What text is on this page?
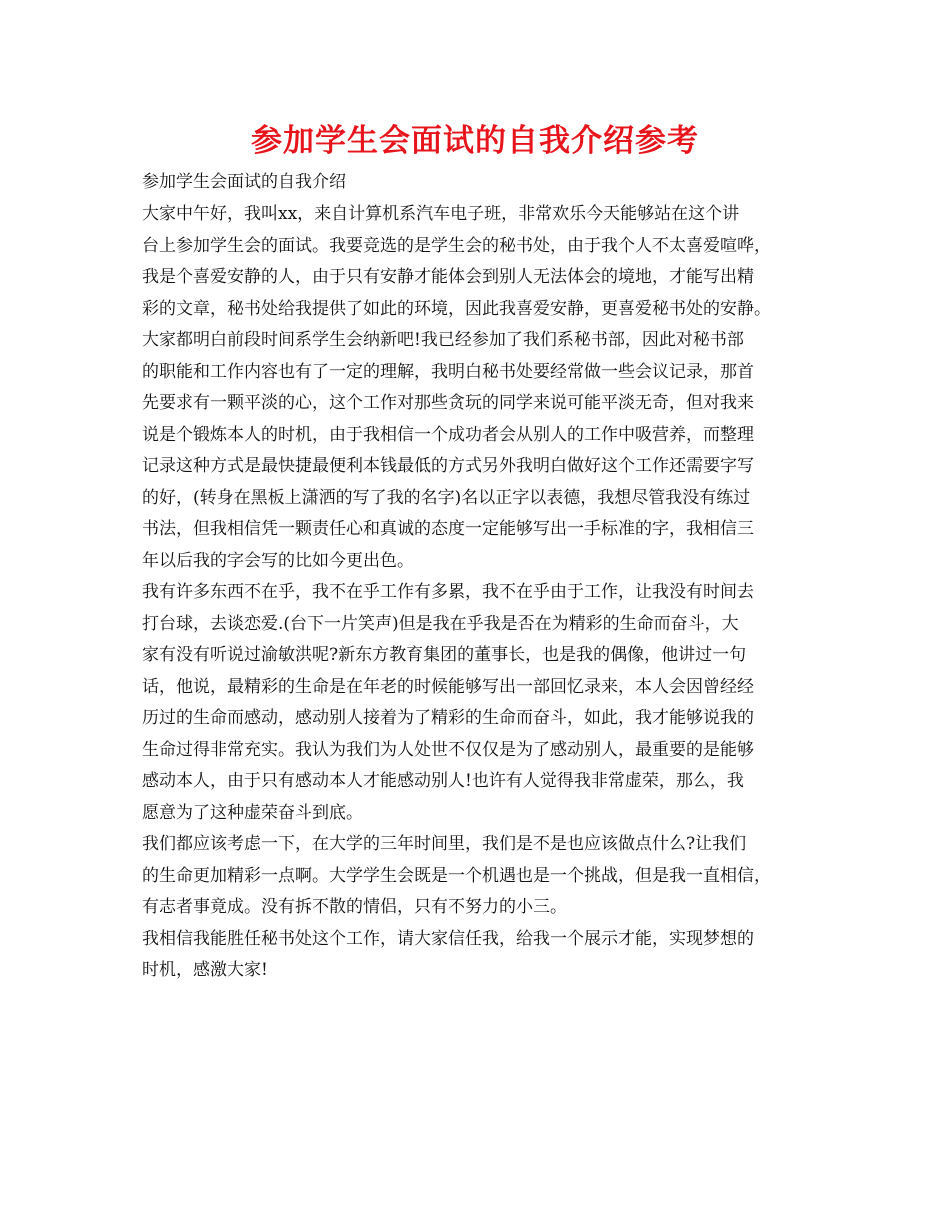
参加学生会面试的自我介绍参考

参加学生会面试的自我介绍

大家中午好，我叫xx，来自计算机系汽车电子班，非常欢乐今天能够站在这个讲
台上参加学生会的面试。我要竞选的是学生会的秘书处，由于我个人不太喜爱喧哗，
我是个喜爱安静的人，由于只有安静才能体会到别人无法体会的境地，才能写出精
彩的文章，秘书处给我提供了如此的环境，因此我喜爱安静，更喜爱秘书处的安静。

大家都明白前段时间系学生会纳新吧!我已经参加了我们系秘书部，因此对秘书部
的职能和工作内容也有了一定的理解，我明白秘书处要经常做一些会议记录，那首
先要求有一颗平淡的心，这个工作对那些贪玩的同学来说可能平淡无奇，但对我来
说是个锻炼本人的时机，由于我相信一个成功者会从别人的工作中吸营养，而整理
记录这种方式是最快捷最便利本钱最低的方式另外我明白做好这个工作还需要字写
的好，(转身在黑板上潇洒的写了我的名字)名以正字以表德，我想尽管我没有练过
书法，但我相信凭一颗责任心和真诚的态度一定能够写出一手标准的字，我相信三
年以后我的字会写的比如今更出色。

我有许多东西不在乎，我不在乎工作有多累，我不在乎由于工作，让我没有时间去
打台球，去谈恋爱.(台下一片笑声)但是我在乎我是否在为精彩的生命而奋斗，大
家有没有听说过渝敏洪呢?新东方教育集团的董事长，也是我的偶像，他讲过一句
话，他说，最精彩的生命是在年老的时候能够写出一部回忆录来，本人会因曾经经
历过的生命而感动，感动别人接着为了精彩的生命而奋斗，如此，我才能够说我的
生命过得非常充实。我认为我们为人处世不仅仅是为了感动别人，最重要的是能够
感动本人，由于只有感动本人才能感动别人!也许有人觉得我非常虚荣，那么，我
愿意为了这种虚荣奋斗到底。

我们都应该考虑一下，在大学的三年时间里，我们是不是也应该做点什么?让我们
的生命更加精彩一点啊。大学学生会既是一个机遇也是一个挑战，但是我一直相信，
有志者事竟成。没有拆不散的情侣，只有不努力的小三。

我相信我能胜任秘书处这个工作，请大家信任我，给我一个展示才能，实现梦想的
时机，感激大家!
